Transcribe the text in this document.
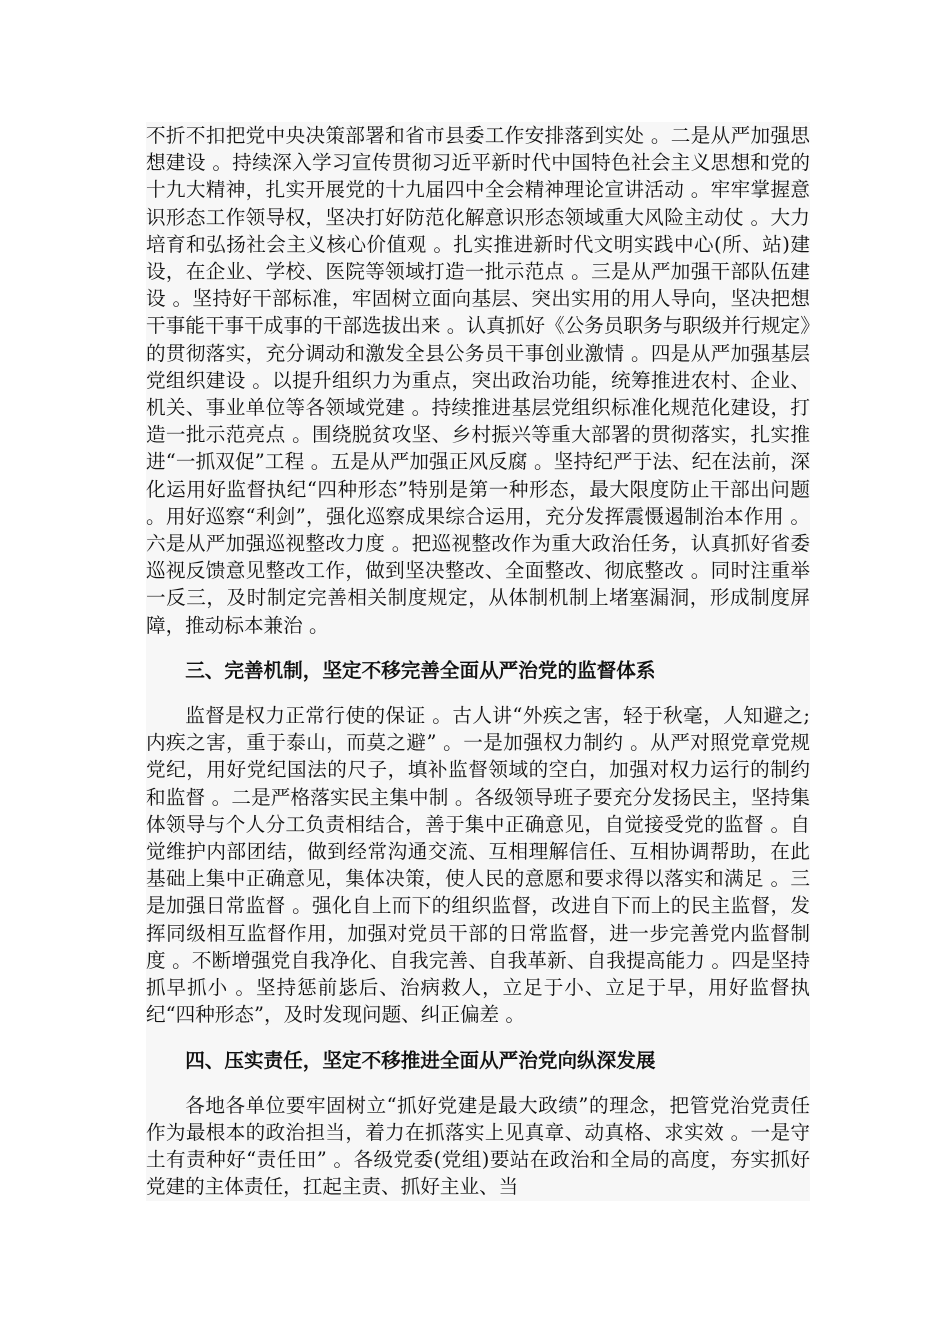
不折不扣把党中央决策部署和省市县委工作安排落到实处 。二是从严加强思想建设 。持续深入学习宣传贯彻习近平新时代中国特色社会主义思想和党的十九大精神，扎实开展党的十九届四中全会精神理论宣讲活动 。牢牢掌握意识形态工作领导权，坚决打好防范化解意识形态领域重大风险主动仗 。大力培育和弘扬社会主义核心价值观 。扎实推进新时代文明实践中心(所、站)建设，在企业、学校、医院等领域打造一批示范点 。三是从严加强干部队伍建设 。坚持好干部标准，牢固树立面向基层、突出实用的用人导向，坚决把想干事能干事干成事的干部选拔出来 。认真抓好《公务员职务与职级并行规定》的贯彻落实，充分调动和激发全县公务员干事创业激情 。四是从严加强基层党组织建设 。以提升组织力为重点，突出政治功能，统筹推进农村、企业、机关、事业单位等各领域党建 。持续推进基层党组织标准化规范化建设，打造一批示范亮点 。围绕脱贫攻坚、乡村振兴等重大部署的贯彻落实，扎实推进“一抓双促”工程 。五是从严加强正风反腐 。坚持纪严于法、纪在法前，深化运用好监督执纪“四种形态”特别是第一种形态，最大限度防止干部出问题 。用好巡察“利剑”，强化巡察成果综合运用，充分发挥震慑遏制治本作用 。六是从严加强巡视整改力度 。把巡视整改作为重大政治任务，认真抓好省委巡视反馈意见整改工作，做到坚决整改、全面整改、彻底整改 。同时注重举一反三，及时制定完善相关制度规定，从体制机制上堵塞漏洞，形成制度屏障，推动标本兼治 。

三、完善机制，坚定不移完善全面从严治党的监督体系

监督是权力正常行使的保证 。古人讲“外疾之害，轻于秋毫，人知避之;内疾之害，重于泰山，而莫之避” 。一是加强权力制约 。从严对照党章党规党纪，用好党纪国法的尺子，填补监督领域的空白，加强对权力运行的制约和监督 。二是严格落实民主集中制 。各级领导班子要充分发扬民主，坚持集体领导与个人分工负责相结合，善于集中正确意见，自觉接受党的监督 。自觉维护内部团结，做到经常沟通交流、互相理解信任、互相协调帮助，在此基础上集中正确意见，集体决策，使人民的意愿和要求得以落实和满足 。三是加强日常监督 。强化自上而下的组织监督，改进自下而上的民主监督，发挥同级相互监督作用，加强对党员干部的日常监督，进一步完善党内监督制度 。不断增强党自我净化、自我完善、自我革新、自我提高能力 。四是坚持抓早抓小 。坚持惩前毖后、治病救人，立足于小、立足于早，用好监督执纪“四种形态”，及时发现问题、纠正偏差 。

四、压实责任，坚定不移推进全面从严治党向纵深发展

各地各单位要牢固树立“抓好党建是最大政绩”的理念，把管党治党责任作为最根本的政治担当，着力在抓落实上见真章、动真格、求实效 。一是守土有责种好“责任田” 。各级党委(党组)要站在政治和全局的高度，夯实抓好党建的主体责任，扛起主责、抓好主业、当
